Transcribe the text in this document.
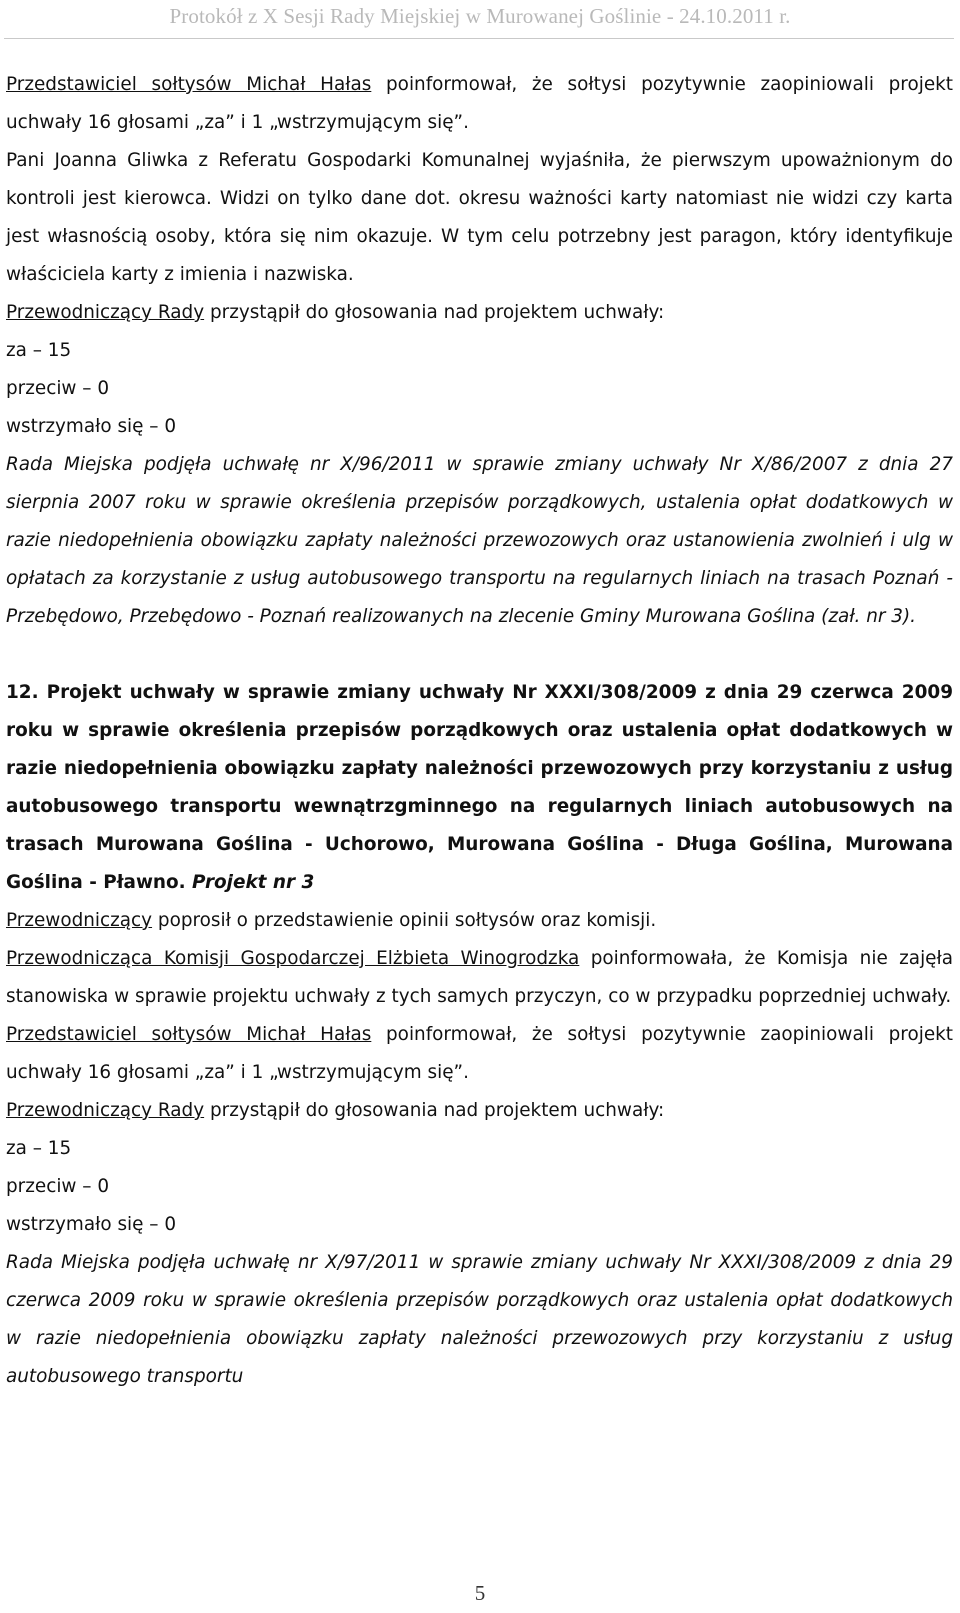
Protokół z X Sesji Rady Miejskiej w Murowanej Goślinie - 24.10.2011 r.

Przedstawiciel sołtysów Michał Hałas poinformował, że sołtysi pozytywnie zaopiniowali projekt uchwały 16 głosami „za” i 1 „wstrzymującym się”.

Pani Joanna Gliwka z Referatu Gospodarki Komunalnej wyjaśniła, że pierwszym upoważnionym do kontroli jest kierowca. Widzi on tylko dane dot. okresu ważności karty natomiast nie widzi czy karta jest własnością osoby, która się nim okazuje. W tym celu potrzebny jest paragon, który identyfikuje właściciela karty z imienia i nazwiska.

Przewodniczący Rady przystąpił do głosowania nad projektem uchwały:

za – 15

przeciw – 0

wstrzymało się – 0

Rada Miejska podjęła uchwałę nr X/96/2011 w sprawie zmiany uchwały Nr X/86/2007 z dnia 27 sierpnia 2007 roku w sprawie określenia przepisów porządkowych, ustalenia opłat dodatkowych w razie niedopełnienia obowiązku zapłaty należności przewozowych oraz ustanowienia zwolnień i ulg w opłatach za korzystanie z usług autobusowego transportu na regularnych liniach na trasach Poznań - Przebędowo, Przebędowo - Poznań realizowanych na zlecenie Gminy Murowana Goślina (zał. nr 3).

12. Projekt uchwały w sprawie zmiany uchwały Nr XXXI/308/2009 z dnia 29 czerwca 2009 roku w sprawie określenia przepisów porządkowych oraz ustalenia opłat dodatkowych w razie niedopełnienia obowiązku zapłaty należności przewozowych przy korzystaniu z usług autobusowego transportu wewnątrzgminnego na regularnych liniach autobusowych na trasach Murowana Goślina - Uchorowo, Murowana Goślina - Długa Goślina, Murowana Goślina - Pławno. Projekt nr 3

Przewodniczący poprosił o przedstawienie opinii sołtysów oraz komisji.

Przewodnicząca Komisji Gospodarczej Elżbieta Winogrodzka poinformowała, że Komisja nie zajęła stanowiska w sprawie projektu uchwały z tych samych przyczyn, co w przypadku poprzedniej uchwały.

Przedstawiciel sołtysów Michał Hałas poinformował, że sołtysi pozytywnie zaopiniowali projekt uchwały 16 głosami „za” i 1 „wstrzymującym się”.

Przewodniczący Rady przystąpił do głosowania nad projektem uchwały:

za – 15

przeciw – 0

wstrzymało się – 0

Rada Miejska podjęła uchwałę nr X/97/2011 w sprawie zmiany uchwały Nr XXXI/308/2009 z dnia 29 czerwca 2009 roku w sprawie określenia przepisów porządkowych oraz ustalenia opłat dodatkowych w razie niedopełnienia obowiązku zapłaty należności przewozowych przy korzystaniu z usług autobusowego transportu

5
